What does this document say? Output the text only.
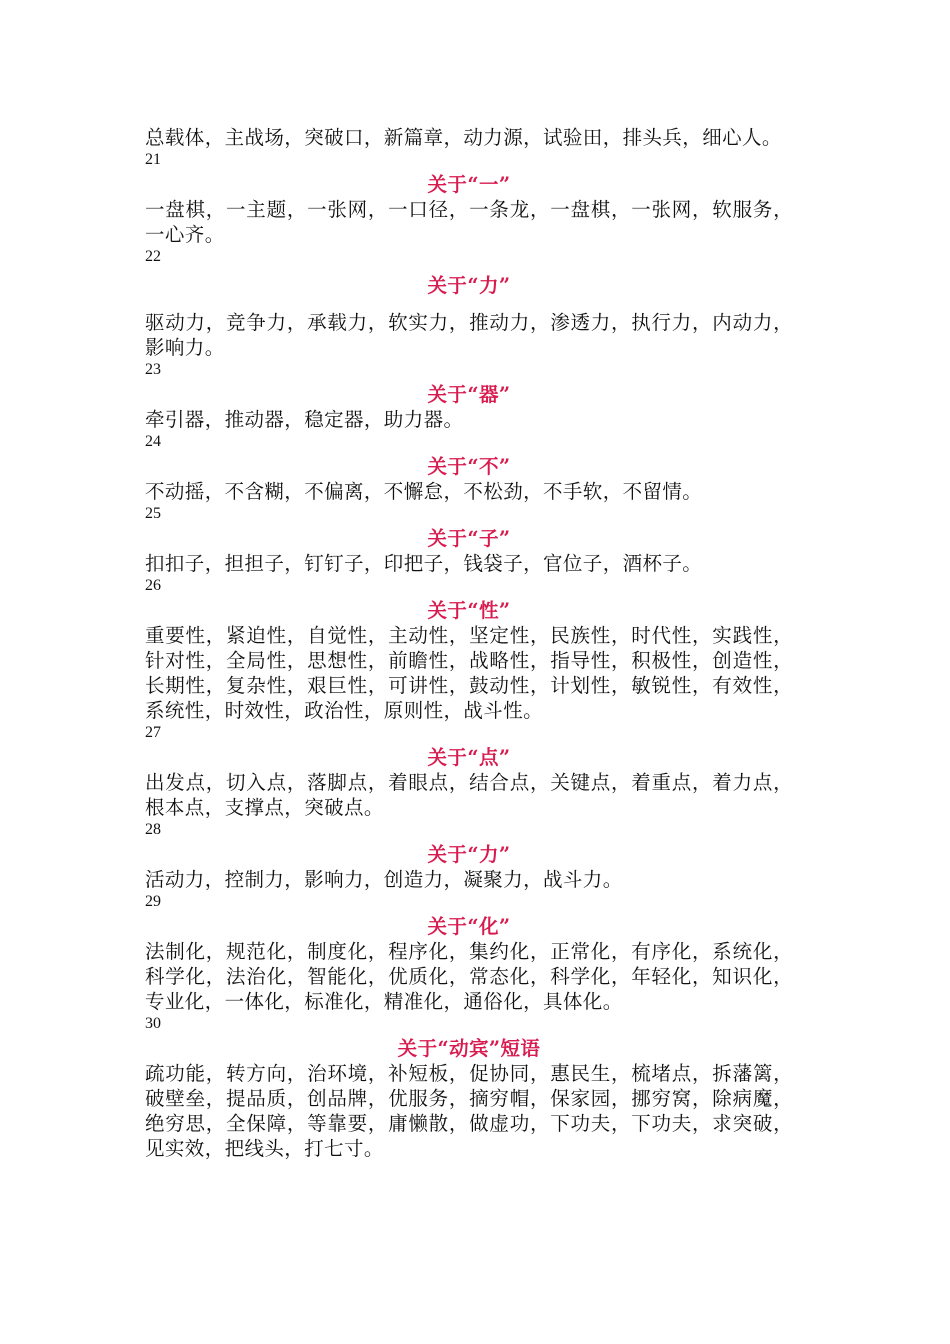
总载体，主战场，突破口，新篇章，动力源，试验田，排头兵，细心人。

21
关于“一”

一盘棋，一主题，一张网，一口径，一条龙，一盘棋，一张网，软服务，一心齐。

22
关于“力”

驱动力，竞争力，承载力，软实力，推动力，渗透力，执行力，内动力，影响力。

23
关于“器”

牵引器，推动器，稳定器，助力器。

24
关于“不”

不动摇，不含糊，不偏离，不懈怠，不松劲，不手软，不留情。

25
关于“子”

扣扣子，担担子，钉钉子，印把子，钱袋子，官位子，酒杯子。

26
关于“性”

重要性，紧迫性，自觉性，主动性，坚定性，民族性，时代性，实践性，针对性，全局性，思想性，前瞻性，战略性，指导性，积极性，创造性，长期性，复杂性，艰巨性，可讲性，鼓动性，计划性，敏锐性，有效性，系统性，时效性，政治性，原则性，战斗性。

27
关于“点”

出发点，切入点，落脚点，着眼点，结合点，关键点，着重点，着力点，根本点，支撑点，突破点。

28
关于“力”

活动力，控制力，影响力，创造力，凝聚力，战斗力。

29
关于“化”

法制化，规范化，制度化，程序化，集约化，正常化，有序化，系统化，科学化，法治化，智能化，优质化，常态化，科学化，年轻化，知识化，专业化，一体化，标准化，精准化，通俗化，具体化。

30
关于“动宾”短语

疏功能，转方向，治环境，补短板，促协同，惠民生，梳堵点，拆藩篱，破壁垒，提品质，创品牌，优服务，摘穷帽，保家园，挪穷窝，除病魔，绝穷思，全保障，等靠要，庸懒散，做虚功，下功夫，下功夫，求突破，见实效，把线头，打七寸。
